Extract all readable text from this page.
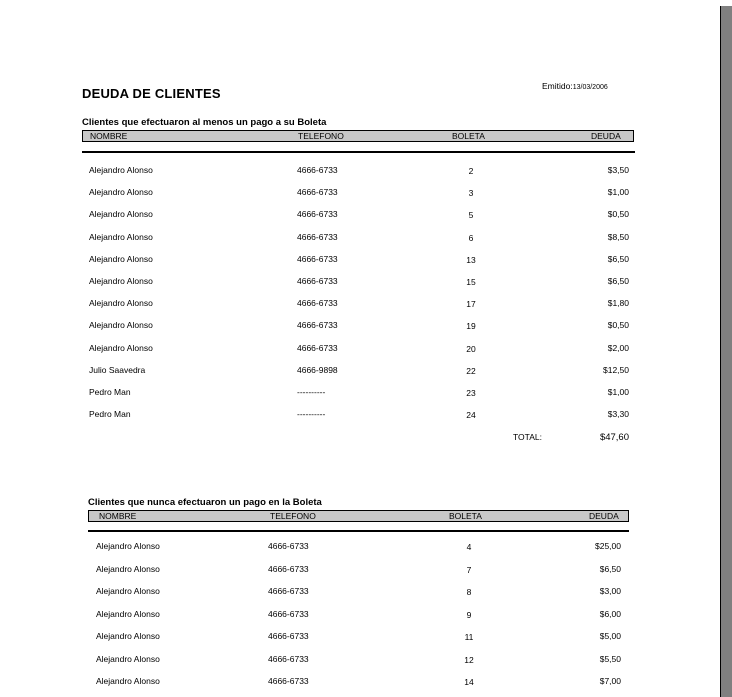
DEUDA DE CLIENTES	Emitido:13/03/2006
Clientes que efectuaron al menos un pago a su Boleta
NOMBRE	TELEFONO	BOLETA	DEUDA
Alejandro Alonso	4666-6733	2	$3,50
Alejandro Alonso	4666-6733	3	$1,00
Alejandro Alonso	4666-6733	5	$0,50
Alejandro Alonso	4666-6733	6	$8,50
Alejandro Alonso	4666-6733	13	$6,50
Alejandro Alonso	4666-6733	15	$6,50
Alejandro Alonso	4666-6733	17	$1,80
Alejandro Alonso	4666-6733	19	$0,50
Alejandro Alonso	4666-6733	20	$2,00
Julio Saavedra	4666-9898	22	$12,50
Pedro Man	----------	23	$1,00
Pedro Man	----------	24	$3,30
TOTAL:	$47,60
Clientes que nunca efectuaron un pago en la Boleta
NOMBRE	TELEFONO	BOLETA	DEUDA
Alejandro Alonso	4666-6733	4	$25,00
Alejandro Alonso	4666-6733	7	$6,50
Alejandro Alonso	4666-6733	8	$3,00
Alejandro Alonso	4666-6733	9	$6,00
Alejandro Alonso	4666-6733	11	$5,00
Alejandro Alonso	4666-6733	12	$5,50
Alejandro Alonso	4666-6733	14	$7,00
